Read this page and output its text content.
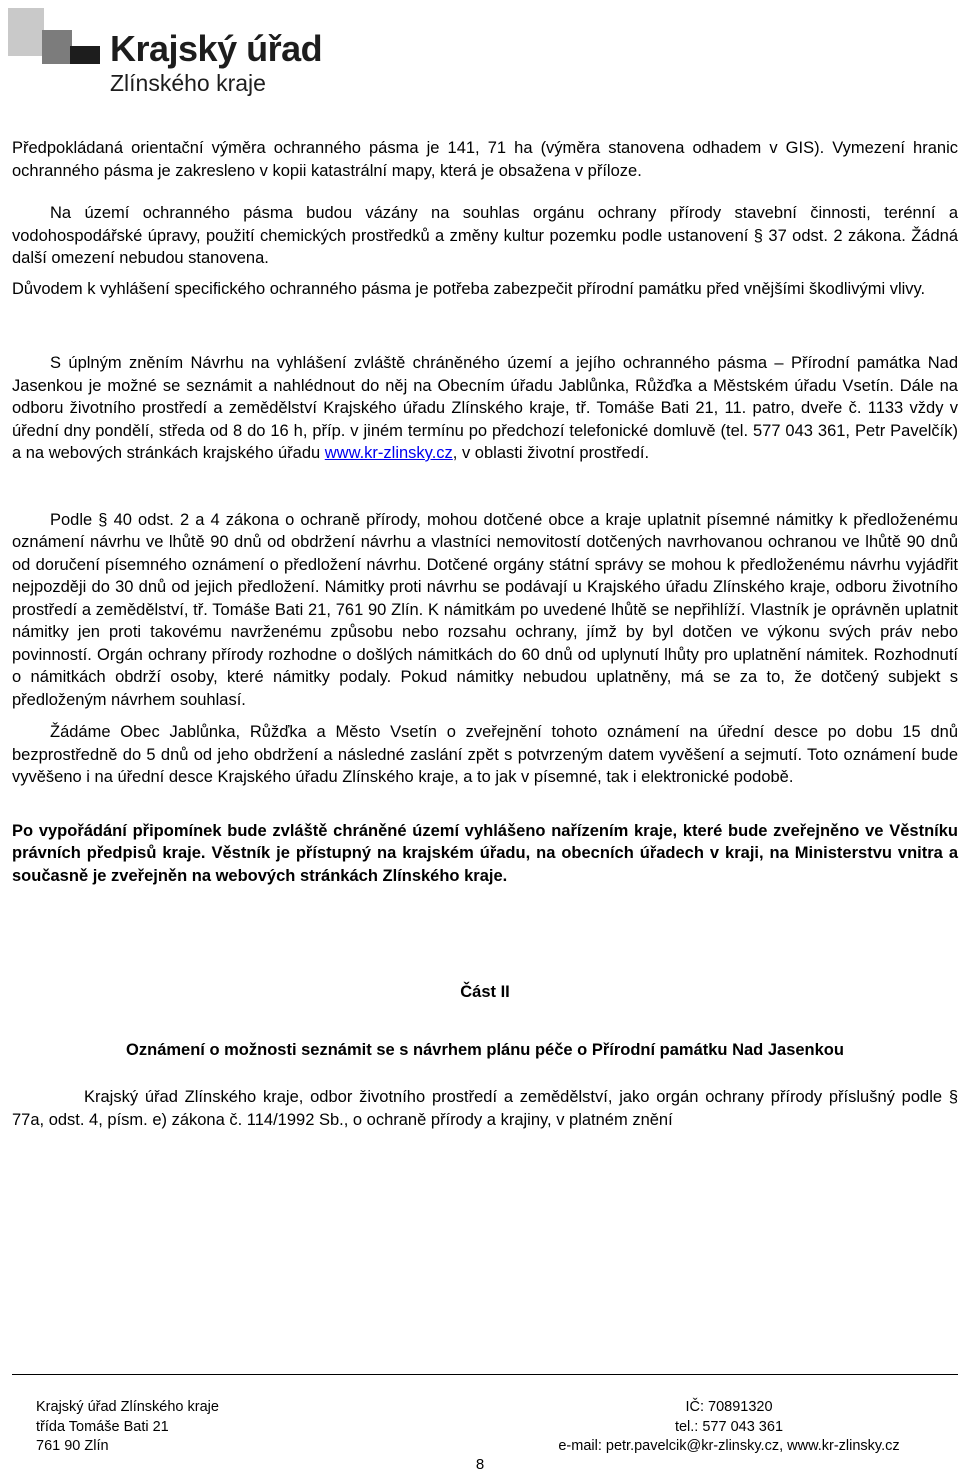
Krajský úřad
Zlínského kraje

Předpokládaná orientační výměra ochranného pásma je 141, 71 ha (výměra stanovena odhadem v GIS). Vymezení hranic ochranného pásma je zakresleno v kopii katastrální mapy, která je obsažena v příloze.

Na území ochranného pásma budou vázány na souhlas orgánu ochrany přírody stavební činnosti, terénní a vodohospodářské úpravy, použití chemických prostředků a změny kultur pozemku podle ustanovení § 37 odst. 2 zákona. Žádná další omezení nebudou stanovena.

Důvodem k vyhlášení specifického ochranného pásma je potřeba zabezpečit přírodní památku před vnějšími škodlivými vlivy.

S úplným zněním Návrhu na vyhlášení zvláště chráněného území a jejího ochranného pásma – Přírodní památka Nad Jasenkou je možné se seznámit a nahlédnout do něj na Obecním úřadu Jablůnka, Růžďka a Městském úřadu Vsetín. Dále na odboru životního prostředí a zemědělství Krajského úřadu Zlínského kraje, tř. Tomáše Bati 21, 11. patro, dveře č. 1133 vždy v úřední dny pondělí, středa od 8 do 16 h, příp. v jiném termínu po předchozí telefonické domluvě (tel. 577 043 361, Petr Pavelčík) a na webových stránkách krajského úřadu www.kr-zlinsky.cz, v oblasti životní prostředí.

Podle § 40 odst. 2 a 4 zákona o ochraně přírody, mohou dotčené obce a kraje uplatnit písemné námitky k předloženému oznámení návrhu ve lhůtě 90 dnů od obdržení návrhu a vlastníci nemovitostí dotčených navrhovanou ochranou ve lhůtě 90 dnů od doručení písemného oznámení o předložení návrhu. Dotčené orgány státní správy se mohou k předloženému návrhu vyjádřit nejpozději do 30 dnů od jejich předložení. Námitky proti návrhu se podávají u Krajského úřadu Zlínského kraje, odboru životního prostředí a zemědělství, tř. Tomáše Bati 21, 761 90 Zlín. K námitkám po uvedené lhůtě se nepřihlíží. Vlastník je oprávněn uplatnit námitky jen proti takovému navrženému způsobu nebo rozsahu ochrany, jímž by byl dotčen ve výkonu svých práv nebo povinností. Orgán ochrany přírody rozhodne o došlých námitkách do 60 dnů od uplynutí lhůty pro uplatnění námitek. Rozhodnutí o námitkách obdrží osoby, které námitky podaly. Pokud námitky nebudou uplatněny, má se za to, že dotčený subjekt s předloženým návrhem souhlasí.

Žádáme Obec Jablůnka, Růžďka a Město Vsetín o zveřejnění tohoto oznámení na úřední desce po dobu 15 dnů bezprostředně do 5 dnů od jeho obdržení a následné zaslání zpět s potvrzeným datem vyvěšení a sejmutí. Toto oznámení bude vyvěšeno i na úřední desce Krajského úřadu Zlínského kraje, a to jak v písemné, tak i elektronické podobě.

Po vypořádání připomínek bude zvláště chráněné území vyhlášeno nařízením kraje, které bude zveřejněno ve Věstníku právních předpisů kraje. Věstník je přístupný na krajském úřadu, na obecních úřadech v kraji, na Ministerstvu vnitra a současně je zveřejněn na webových stránkách Zlínského kraje.

Část II

Oznámení o možnosti seznámit se s návrhem plánu péče o Přírodní památku Nad Jasenkou

Krajský úřad Zlínského kraje, odbor životního prostředí a zemědělství, jako orgán ochrany přírody příslušný podle § 77a, odst. 4, písm. e) zákona č. 114/1992 Sb., o ochraně přírody a krajiny, v platném znění

Krajský úřad Zlínského kraje
třída Tomáše Bati 21
761 90 Zlín
IČ: 70891320
tel.: 577 043 361
e-mail: petr.pavelcik@kr-zlinsky.cz, www.kr-zlinsky.cz
8
